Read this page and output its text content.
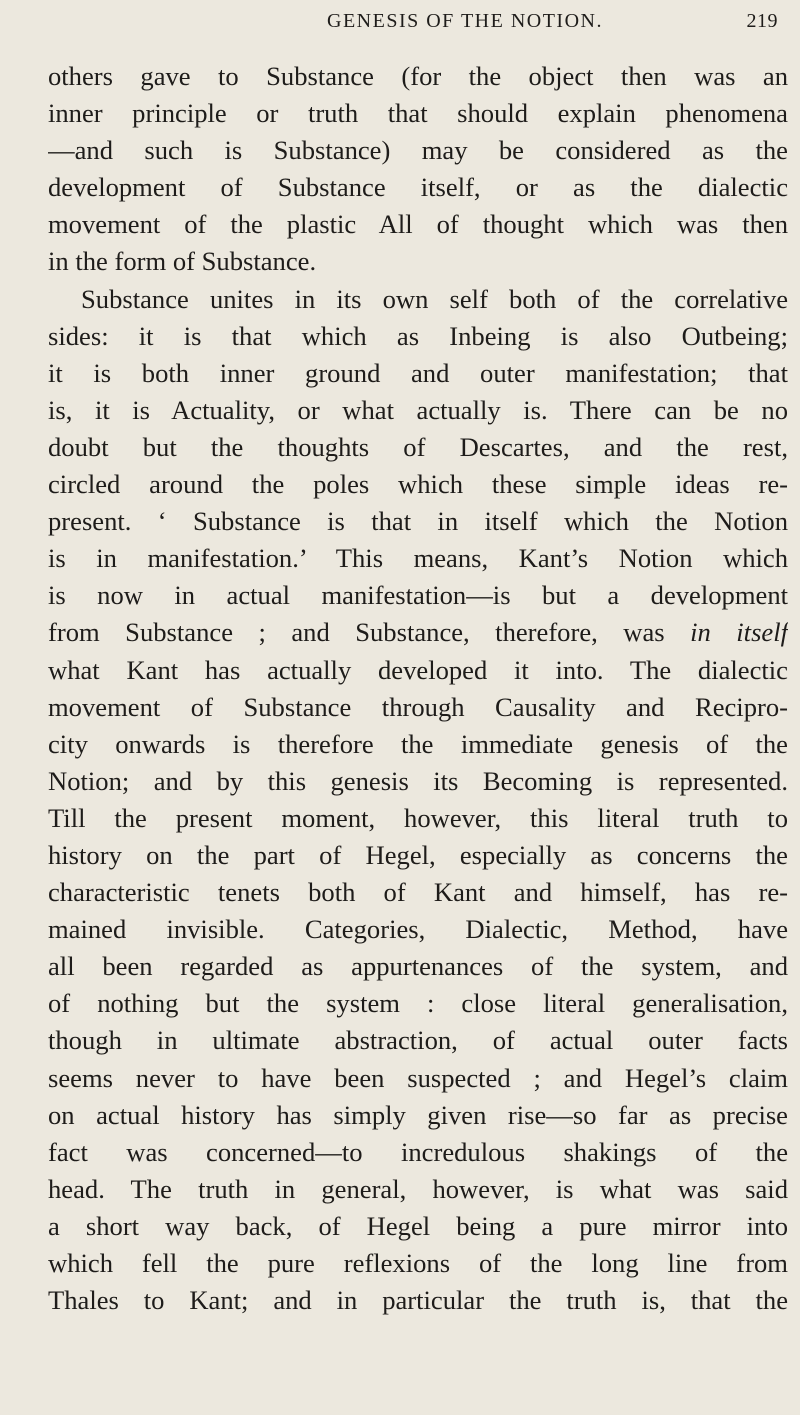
GENESIS OF THE NOTION.	219
others gave to Substance (for the object then was an
inner principle or truth that should explain phenomena
—and such is Substance) may be considered as the
development of Substance itself, or as the dialectic
movement of the plastic All of thought which was then
in the form of Substance.
Substance unites in its own self both of the correlative
sides: it is that which as Inbeing is also Outbeing;
it is both inner ground and outer manifestation; that
is, it is Actuality, or what actually is. There can be no
doubt but the thoughts of Descartes, and the rest,
circled around the poles which these simple ideas re-
present. ‘ Substance is that in itself which the Notion
is in manifestation.’ This means, Kant’s Notion which
is now in actual manifestation—is but a development
from Substance ; and Substance, therefore, was in itself
what Kant has actually developed it into. The dialectic
movement of Substance through Causality and Recipro-
city onwards is therefore the immediate genesis of the
Notion; and by this genesis its Becoming is represented.
Till the present moment, however, this literal truth to
history on the part of Hegel, especially as concerns the
characteristic tenets both of Kant and himself, has re-
mained invisible. Categories, Dialectic, Method, have
all been regarded as appurtenances of the system, and
of nothing but the system : close literal generalisation,
though in ultimate abstraction, of actual outer facts
seems never to have been suspected ; and Hegel’s claim
on actual history has simply given rise—so far as precise
fact was concerned—to incredulous shakings of the
head. The truth in general, however, is what was said
a short way back, of Hegel being a pure mirror into
which fell the pure reflexions of the long line from
Thales to Kant; and in particular the truth is, that the
